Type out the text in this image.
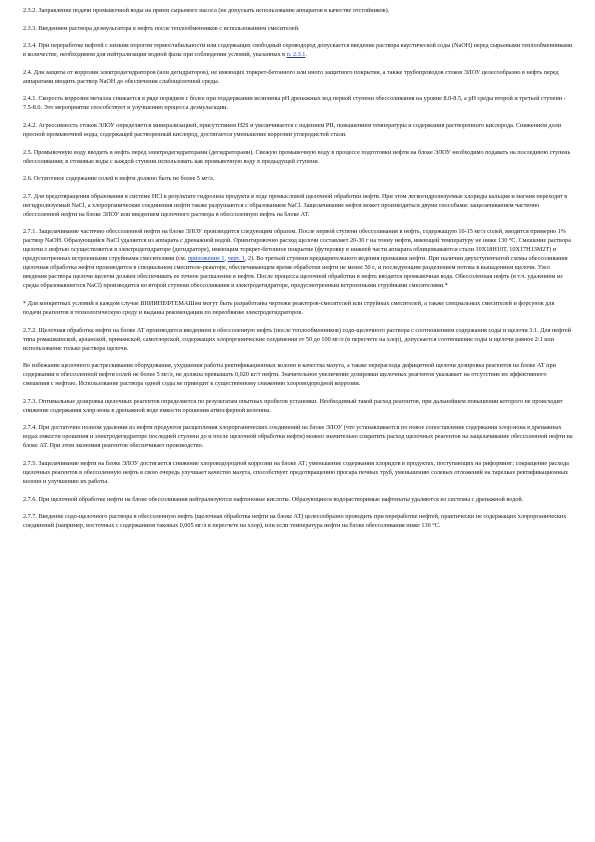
2.3.2. Заправление подачи промывочной воды на прием сырьевого насоса (не допускать использование аппаратов в качестве отстойников).

2.3.3. Введением раствора деэмульгатора в нефть после теплообменников с использованием смесителей.

2.3.4. При переработке нефтей с низким порогом термостабильности или содержащих свободный сероводород допускается введение раствора каустической соды (NaOH) перед сырьевыми теплообменниками в количестве, необходимом для нейтрализации водной фазы при соблюдении условий, указанных в п. 2.3.1.

2.4. Для защиты от коррозии электродегидраторов (или дегидраторов), не имеющих торкрет-бетонного или иного защитного покрытия, а также трубопроводов стоков ЭЛОУ целесообразно в нефть перед аппаратами вводить раствор NaOH до обеспечения слабощелочной среды.

2.4.1. Скорость коррозии металла снижается в ряде порядков с более при поддержании величины pH дренажных вод первой ступени обессоливания на уровне 8.0-8.5, а pH среды второй и третьей ступени - 7.5-8.0. Это мероприятие способствует и улучшению процесса деэмульгации.

2.4.2. Агрессивность стоков ЭЛОУ определяется минерализацией, присутствием H2S и увеличивается с падением PH, повышением температуры и содержания растворенного кислорода. Снижением доли пресной промывочной воды, содержащей растворенный кислород, достигается уменьшение коррозии углеродистой стали.

2.5. Промывочную воду вводить в нефть перед электродегидраторами (дегидраторами). Свежую промывочную воду в процессе подготовки нефти на блоке ЭЛОУ необходимо подавать на последнюю ступень обессоливания; в стоковые воды с каждой ступени использовать как промывочную воду в предыдущей ступени.

2.6. Остаточное содержание солей в нефти должно быть не более 5 мг/л.

2.7. Для предотвращения образования в системе HCl в результате гидролиза продукта в ходе промысловой щелочной обработки нефти. При этом легкогидролизуемые хлориды кальция и магния переходят в негидролизуемый NaCl, а хлорорганические соединения нефти также разрушаются с образованием NaCl. Защелачивание нефти может производиться двумя способами: защелачиванием частично обессоленной нефти на блоке ЭЛОУ или введением щелочного раствора в обессоленную нефть на блоке АТ.

2.7.1. Защелачивание частично обессоленной нефти на блоке ЭЛОУ производится следующим образом. После первой ступени обессоливания в нефть, содержащую 10-15 мг/л солей, вводится примерно 1% раствор NaOH. Образующийся NaCl удаляется из аппарата с дренажной водой. Ориентировочно расход щелочи составляет 20-30 г на тонну нефти, имеющей температуру не ниже 130 °С. Смешение раствора щелочи с нефтью осуществляется в электродегидраторе (дегидраторе), имеющим торкрет-бетонное покрытие (футеровку в нижней части аппарата облицовываются стали 10Х18Н10Т, 10Х17Н13М2Т) и предусмотренных встроенными струйными смесителями (см. приложение 1, черт. 1, 2). Во третьей ступени предварительного ведения промывки нефти. При наличии двухступенчатой схемы обессоливания щелочная обработка нефти производится в специальном смесителе-реакторе, обеспечивающем время обработки нефти не менее 50 с, и последующим разделением потока в выпадением щелочи. Узел введения раствора щелочи щелочи должен обеспечивать ее точное распыление в нефти. После процесса щелочной обработки в нефть вводится промывочная вода. Обессоленная нефть (в т.ч. удалением из среды образовавшегося NaCl) производится во второй ступени обессоливания в электродегидраторе, предусмотренным встроенными струйными смесителями.*

* Для конкретных условий в каждом случае ВНИИНЕФТЕМАШем могут быть разработаны чертежи реакторов-смесителей или струйных смесителей, а также специальных смесителей и форсунок для подачи реагентов в технологическую среду и выданы рекомендации по переобвязке электродегидраторов.

2.7.2. Щелочная обработка нефти на блоке АТ производится введением в обессоленную нефть (после теплообменников) содо-щелочного раствора с соотношением содержания соды и щелочи 3:1. Для нефтей типа ромашкинской, арланской, приманской, самотлорской, содержащих хлорорганические соединения от 50 до 100 мг/л (в пересчете на хлор), допускается соотношение соды и щелочи равное 2:1 или использование только раствора щелочи.

Во избежание щелочного растрескивания оборудования, ухудшения работы ректификационных колонн и качества мазута, а также перерасхода дефицитной щелочи дозировка реагентов на блоке АТ при содержании в обессоленной нефти солей не более 5 мг/л, не должна превышать 0,020 кг/т нефти. Значительное увеличение дозировки щелочных реагентов указывает на отсутствие их эффективного смешения с нефтью. Использование раствора одной соды не приводит к существенному снижению хлороводородной коррозии.

2.7.3. Оптимальные дозировка щелочных реагентов определяется по результатам опытных пробегов установки. Необходимый такой расход реагентов, при дальнейшем повышении которого не происходит снижение содержания хлор-иона в дренажной воде емкости орошения атмосферной колонны.

2.7.4. При достаточно полном удалении из нефти продуктов расщепления хлорорганических соединений на блоке ЭЛОУ (что устанавливается по новое сопоставление содержания хлор-иона в дренажных водах емкости орошения и электродегидраторе последней ступени до и после щелочной обработки нефти) можно значительно сократить расход щелочных реагентов на защелачивание обессоленной нефти на блоке АТ. При этом экономия реагентов обеспечивает производство.

2.7.5. Защелачивание нефти на блоке ЭЛОУ достигается снижение хлороводородной коррозии на блоке АТ; уменьшение содержания хлоридов в продуктах, поступающих на риформинг; сокращение расхода щелочных реагентов в обессоленную нефть в свою очередь улучшает качество мазута, способствует предотвращению прогара печных труб, уменьшению солевых отложений на тарелках ректификационных колонн и улучшению их работы.

2.7.6. При щелочной обработке нефти на блоке обессоливания нейтрализуются нафтеновые кислоты. Образующиеся водорастворимые нафтенаты удаляются из системы с дренажной водой.

2.7.7. Введение содо-щелочного раствора в обессоленную нефть (щелочная обработка нефти на блоке АТ) целесообразно проводить при переработке нефтей, практически не содержащих хлорорганических соединений (например, восточных с содержанием таковых 0,005 мг/л в пересчете на хлор), или если температура нефти на блоке обессоливания ниже 130 °С.
